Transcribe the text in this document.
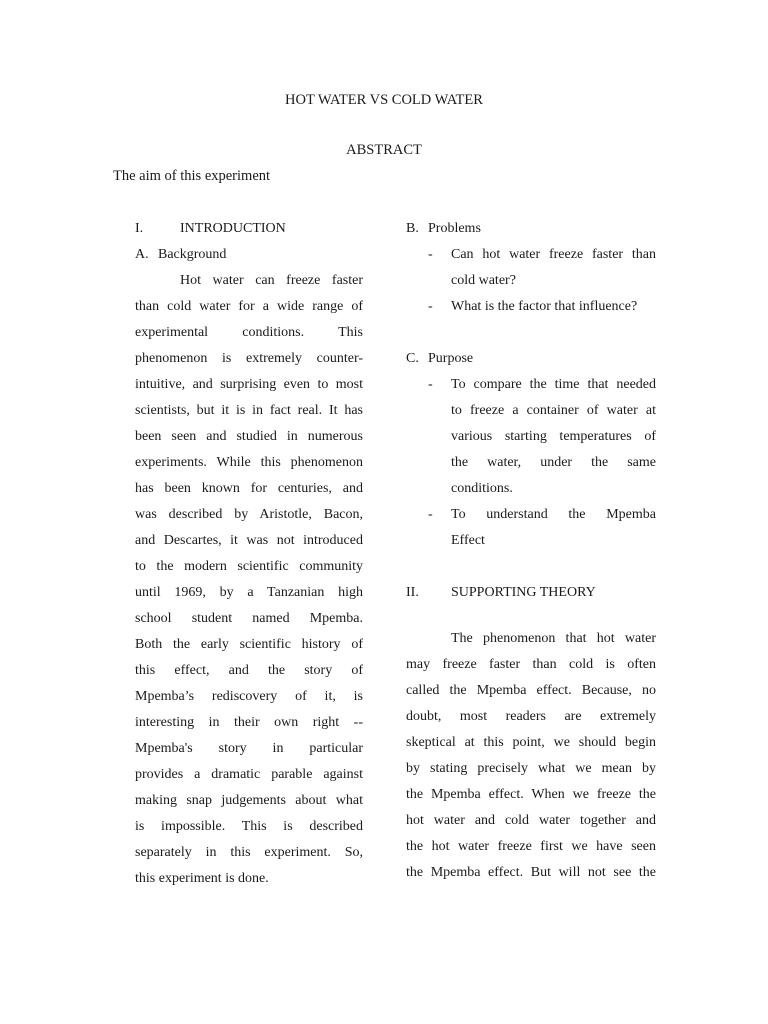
HOT WATER VS COLD WATER
ABSTRACT
The aim of this experiment
I.	INTRODUCTION
A. Background
Hot water can freeze faster
than cold water for a wide range of
experimental conditions. This
phenomenon is extremely counter-
intuitive, and surprising even to most
scientists, but it is in fact real. It has
been seen and studied in numerous
experiments. While this phenomenon
has been known for centuries, and
was described by Aristotle, Bacon,
and Descartes, it was not introduced
to the modern scientific community
until 1969, by a Tanzanian high
school student named Mpemba.
Both the early scientific history of
this effect, and the story of
Mpemba’s rediscovery of it, is
interesting in their own right --
Mpemba's story in particular
provides a dramatic parable against
making snap judgements about what
is impossible. This is described
separately in this experiment. So,
this experiment is done.
B. Problems
- Can hot water freeze faster than
cold water?
- What is the factor that influence?
C. Purpose
- To compare the time that needed
to freeze a container of water at
various starting temperatures of
the water, under the same
conditions.
- To understand the Mpemba
Effect
II. SUPPORTING THEORY
The phenomenon that hot water
may freeze faster than cold is often
called the Mpemba effect. Because, no
doubt, most readers are extremely
skeptical at this point, we should begin
by stating precisely what we mean by
the Mpemba effect. When we freeze the
hot water and cold water together and
the hot water freeze first we have seen
the Mpemba effect. But will not see the
